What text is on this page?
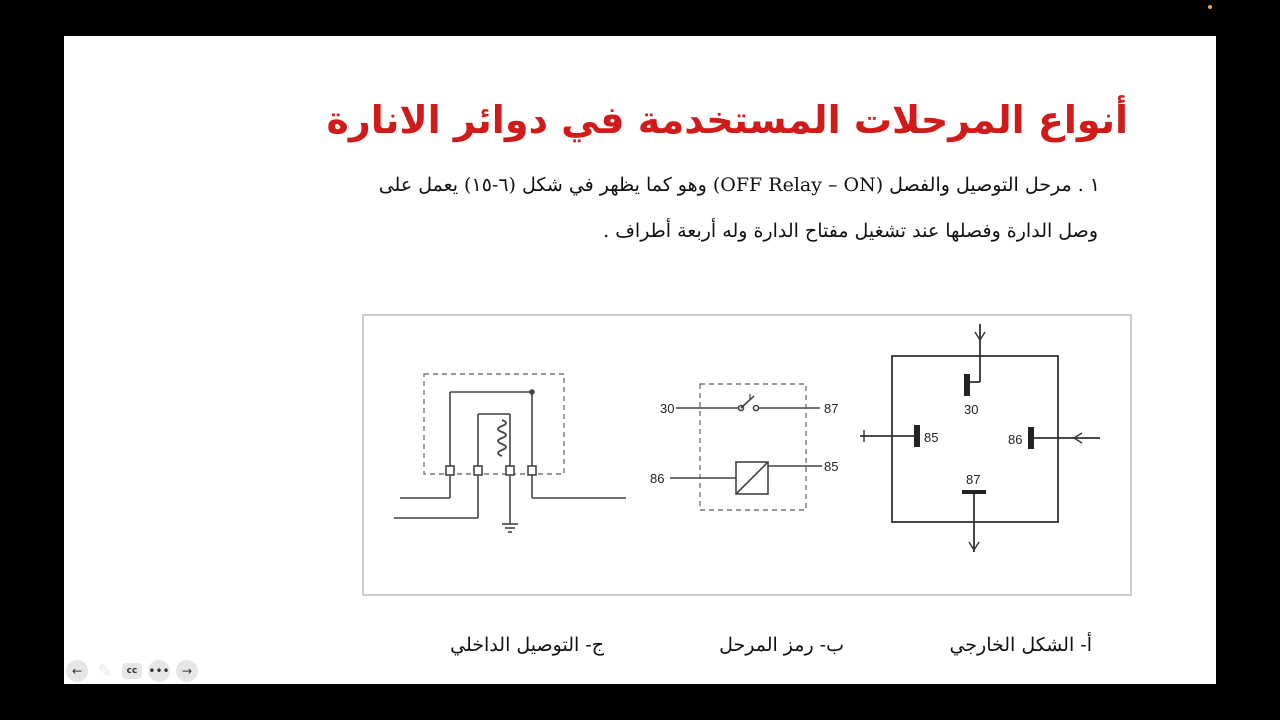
أنواع المرحلات المستخدمة في دوائر الانارة
١ . مرحل التوصيل والفصل (OFF Relay – ON) وهو كما يظهر في شكل (٦-١٥) يعمل على
وصل الدارة وفصلها عند تشغيل مفتاح الدارة وله أربعة أطراف .
30	87
86
85
30
85	86
87
أ- الشكل الخارجي
ب- رمز المرحل
ج- التوصيل الداخلي
← ✎	cc •••	→
